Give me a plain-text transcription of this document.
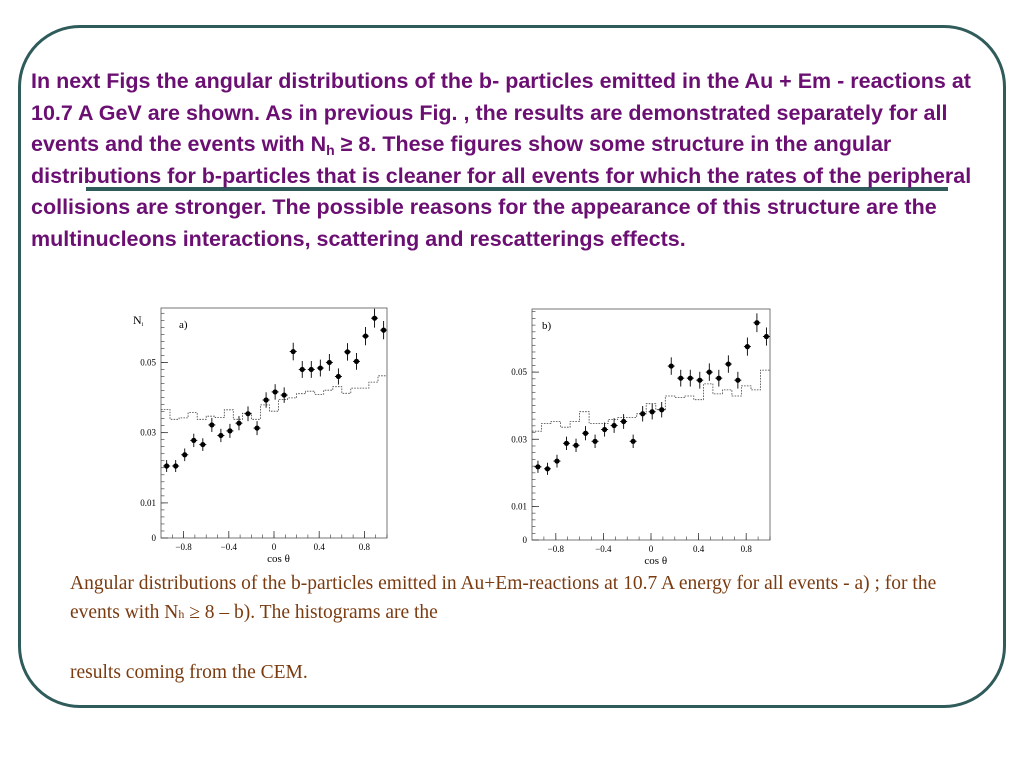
In next Figs the angular distributions of the b- particles emitted in the Au + Em - reactions at 10.7 A GeV are shown. As in previous Fig. , the results are demonstrated separately for all events and the events with $N_h \ge 8$. These figures show some structure in the angular distributions for b-particles that is cleaner for all events for which the rates of the peripheral collisions are stronger. The possible reasons for the appearance of this structure are the multinucleons interactions, scattering and rescatterings effects.

0
0.01
0.03
0.05
−0.8	−0.4	0	0.4	0.8
cos θ
Ni	a)
0
0.01
0.03
0.05
−0.8	−0.4	0	0.4	0.8
cos θ
b)

Angular distributions of the b-particles emitted in Au+Em-reactions at 10.7 A energy for all events - a) ; for the events with Nh ≥ 8 – b). The histograms are the
results coming from the CEM.
